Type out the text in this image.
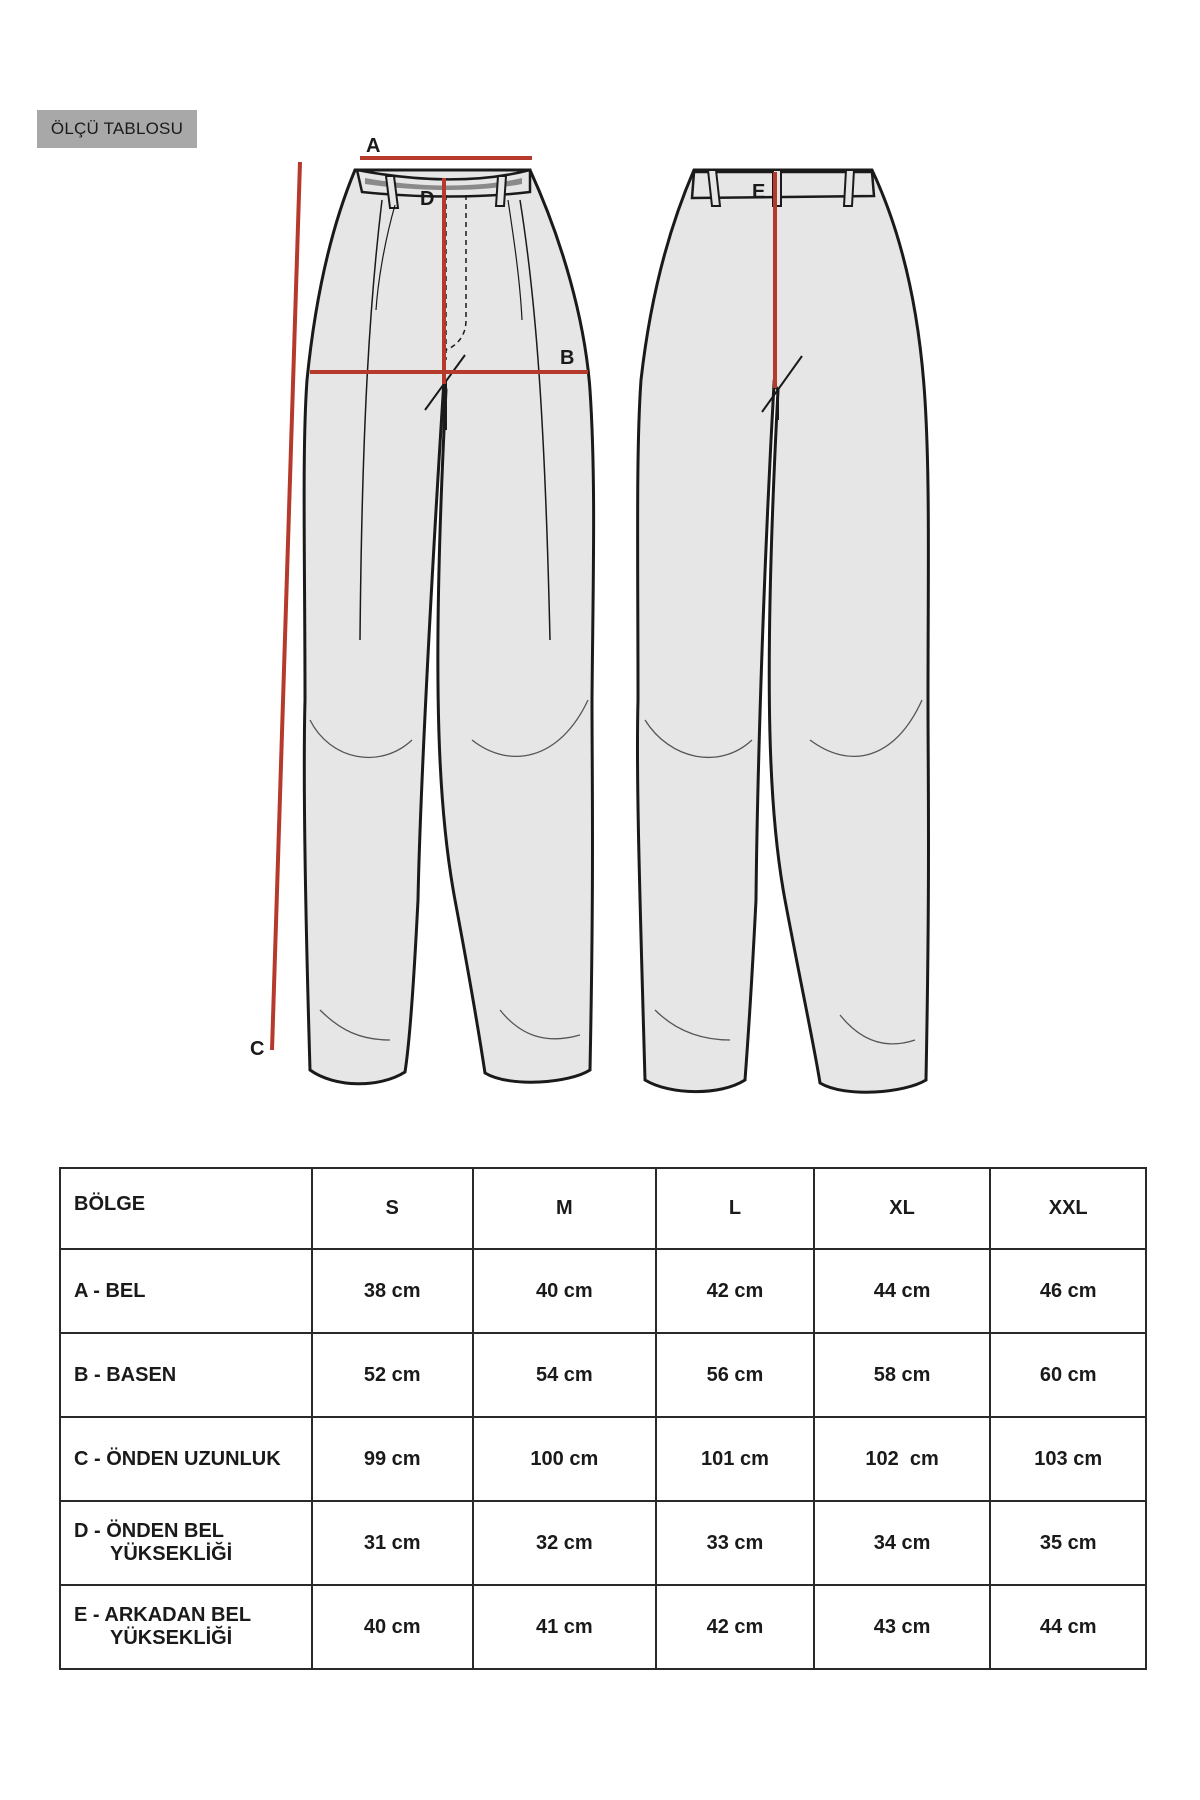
ÖLÇÜ TABLOSU
A
B
C
D	E
BÖLGE	S	M	L	XL	XXL
A - BEL	38 cm	40 cm	42 cm	44 cm	46 cm
B - BASEN	52 cm	54 cm	56 cm	58 cm	60 cm
C - ÖNDEN UZUNLUK	99 cm	100 cm	101 cm	102  cm	103 cm
D - ÖNDEN BEL
YÜKSEKLİĞİ	31 cm	32 cm	33 cm	34 cm	35 cm
E - ARKADAN BEL
YÜKSEKLİĞİ	40 cm	41 cm	42 cm	43 cm	44 cm
